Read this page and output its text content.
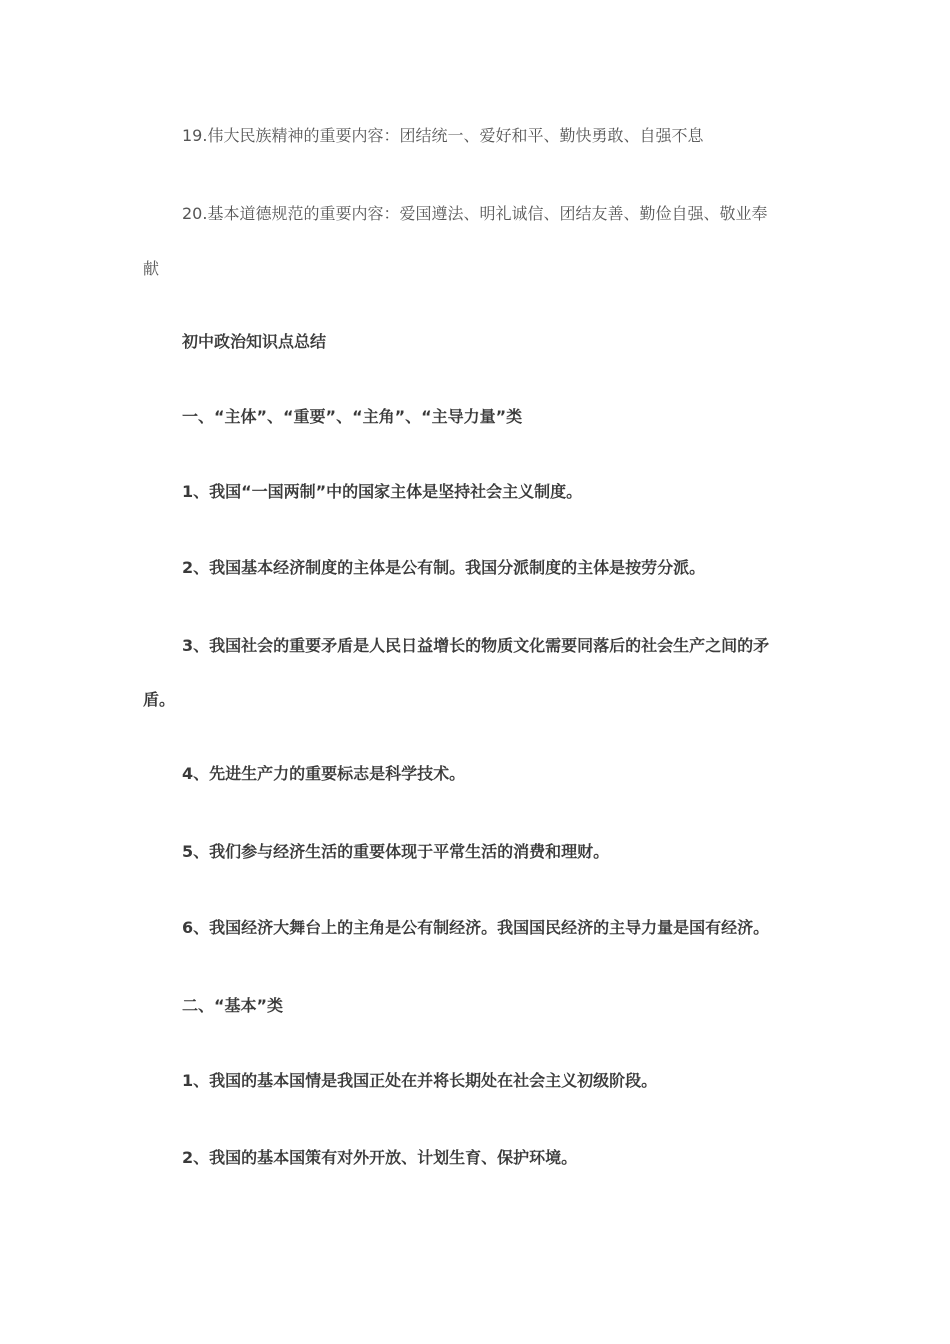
19.伟大民族精神的重要内容：团结统一、爱好和平、勤快勇敢、自强不息
20.基本道德规范的重要内容：爱国遵法、明礼诚信、团结友善、勤俭自强、敬业奉
献
初中政治知识点总结
一、“主体”、“重要”、“主角”、“主导力量”类
1、我国“一国两制”中的国家主体是坚持社会主义制度。
2、我国基本经济制度的主体是公有制。我国分派制度的主体是按劳分派。
3、我国社会的重要矛盾是人民日益增长的物质文化需要同落后的社会生产之间的矛
盾。
4、先进生产力的重要标志是科学技术。
5、我们参与经济生活的重要体现于平常生活的消费和理财。
6、我国经济大舞台上的主角是公有制经济。我国国民经济的主导力量是国有经济。
二、“基本”类
1、我国的基本国情是我国正处在并将长期处在社会主义初级阶段。
2、我国的基本国策有对外开放、计划生育、保护环境。
